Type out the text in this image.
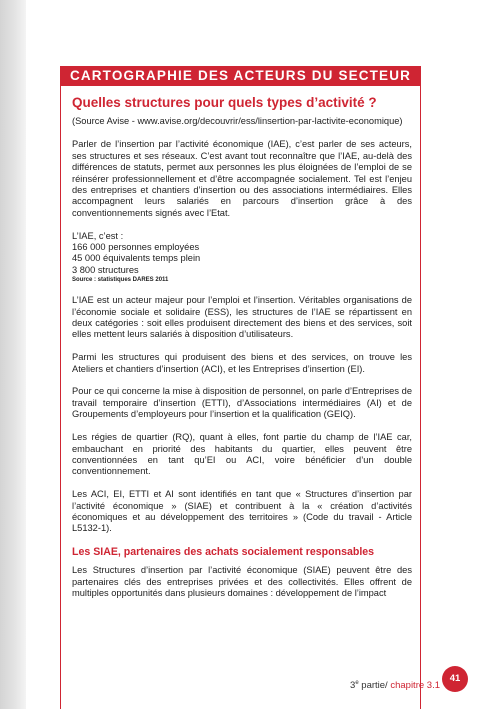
CARTOGRAPHIE DES ACTEURS DU SECTEUR
Quelles structures pour quels types d’activité ?
(Source Avise - www.avise.org/decouvrir/ess/linsertion-par-lactivite-economique)

Parler de l’insertion par l’activité économique (IAE), c’est parler de ses acteurs, ses structures et ses réseaux. C’est avant tout reconnaître que l’IAE, au-delà des différences de statuts, permet aux personnes les plus éloignées de l’emploi de se réinsérer professionnellement et d’être accompagnée socialement. Tel est l’enjeu des entreprises et chantiers d’insertion ou des associations intermédiaires. Elles accompagnent leurs salariés en parcours d’insertion grâce à des conventionnements signés avec l’Etat.

L’IAE, c’est :
166 000 personnes employées
45 000 équivalents temps plein
3 800 structures
Source : statistiques DARES 2011

L’IAE est un acteur majeur pour l’emploi et l’insertion. Véritables organisations de l’économie sociale et solidaire (ESS), les structures de l’IAE se répartissent en deux catégories : soit elles produisent directement des biens et des services, soit elles mettent leurs salariés à disposition d’utilisateurs.

Parmi les structures qui produisent des biens et des services, on trouve les Ateliers et chantiers d’insertion (ACI), et les Entreprises d’insertion (EI).

Pour ce qui concerne la mise à disposition de personnel, on parle d’Entreprises de travail temporaire d’insertion (ETTI), d’Associations intermédiaires (AI) et de Groupements d’employeurs pour l’insertion et la qualification (GEIQ).

Les régies de quartier (RQ), quant à elles, font partie du champ de l’IAE car, embauchant en priorité des habitants du quartier, elles peuvent être conventionnées en tant qu’EI ou ACI, voire bénéficier d’un double conventionnement.

Les ACI, EI, ETTI et AI sont identifiés en tant que « Structures d’insertion par l’activité économique » (SIAE) et contribuent à la « création d’activités économiques et au développement des territoires » (Code du travail - Article L5132-1).

Les SIAE, partenaires des achats socialement responsables

Les Structures d’insertion par l’activité économique (SIAE) peuvent être des partenaires clés des entreprises privées et des collectivités. Elles offrent de multiples opportunités dans plusieurs domaines : développement de l’impact

3e partie/ chapitre 3.1
41
